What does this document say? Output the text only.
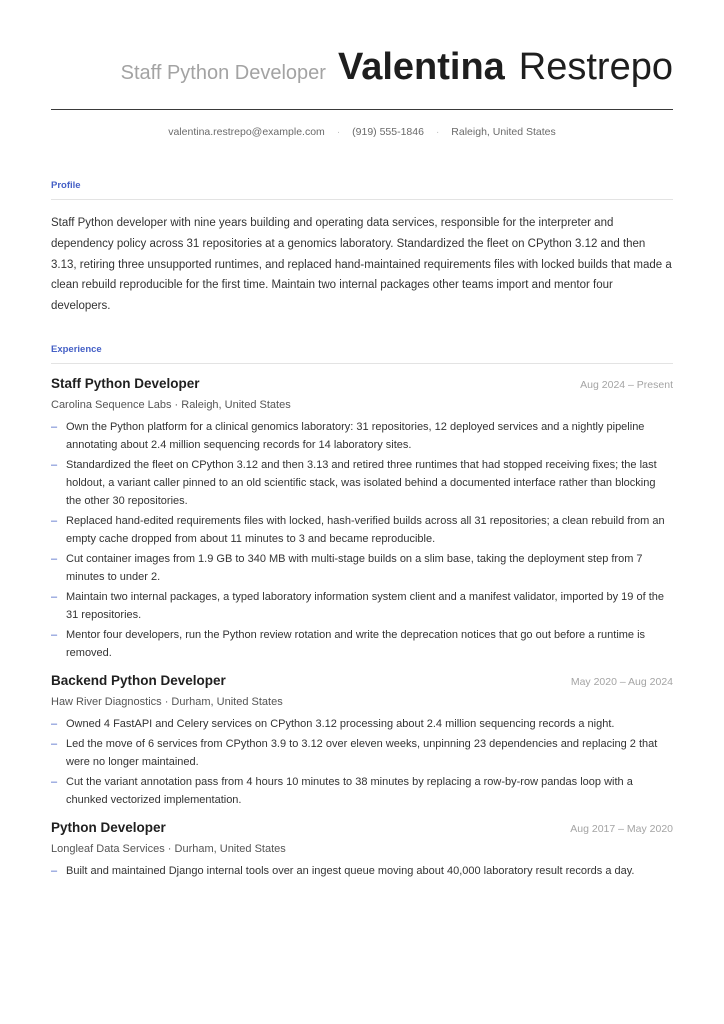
Staff Python Developer Valentina Restrepo
valentina.restrepo@example.com · (919) 555-1846 · Raleigh, United States
Profile
Staff Python developer with nine years building and operating data services, responsible for the interpreter and dependency policy across 31 repositories at a genomics laboratory. Standardized the fleet on CPython 3.12 and then 3.13, retiring three unsupported runtimes, and replaced hand-maintained requirements files with locked builds that made a clean rebuild reproducible for the first time. Maintain two internal packages other teams import and mentor four developers.
Experience
Staff Python Developer	Aug 2024 – Present
Carolina Sequence Labs · Raleigh, United States
– Own the Python platform for a clinical genomics laboratory: 31 repositories, 12 deployed services and a nightly pipeline annotating about 2.4 million sequencing records for 14 laboratory sites.
– Standardized the fleet on CPython 3.12 and then 3.13 and retired three runtimes that had stopped receiving fixes; the last holdout, a variant caller pinned to an old scientific stack, was isolated behind a documented interface rather than blocking the other 30 repositories.
– Replaced hand-edited requirements files with locked, hash-verified builds across all 31 repositories; a clean rebuild from an empty cache dropped from about 11 minutes to 3 and became reproducible.
– Cut container images from 1.9 GB to 340 MB with multi-stage builds on a slim base, taking the deployment step from 7 minutes to under 2.
– Maintain two internal packages, a typed laboratory information system client and a manifest validator, imported by 19 of the 31 repositories.
– Mentor four developers, run the Python review rotation and write the deprecation notices that go out before a runtime is removed.
Backend Python Developer	May 2020 – Aug 2024
Haw River Diagnostics · Durham, United States
– Owned 4 FastAPI and Celery services on CPython 3.12 processing about 2.4 million sequencing records a night.
– Led the move of 6 services from CPython 3.9 to 3.12 over eleven weeks, unpinning 23 dependencies and replacing 2 that were no longer maintained.
– Cut the variant annotation pass from 4 hours 10 minutes to 38 minutes by replacing a row-by-row pandas loop with a chunked vectorized implementation.
Python Developer	Aug 2017 – May 2020
Longleaf Data Services · Durham, United States
– Built and maintained Django internal tools over an ingest queue moving about 40,000 laboratory result records a day.
